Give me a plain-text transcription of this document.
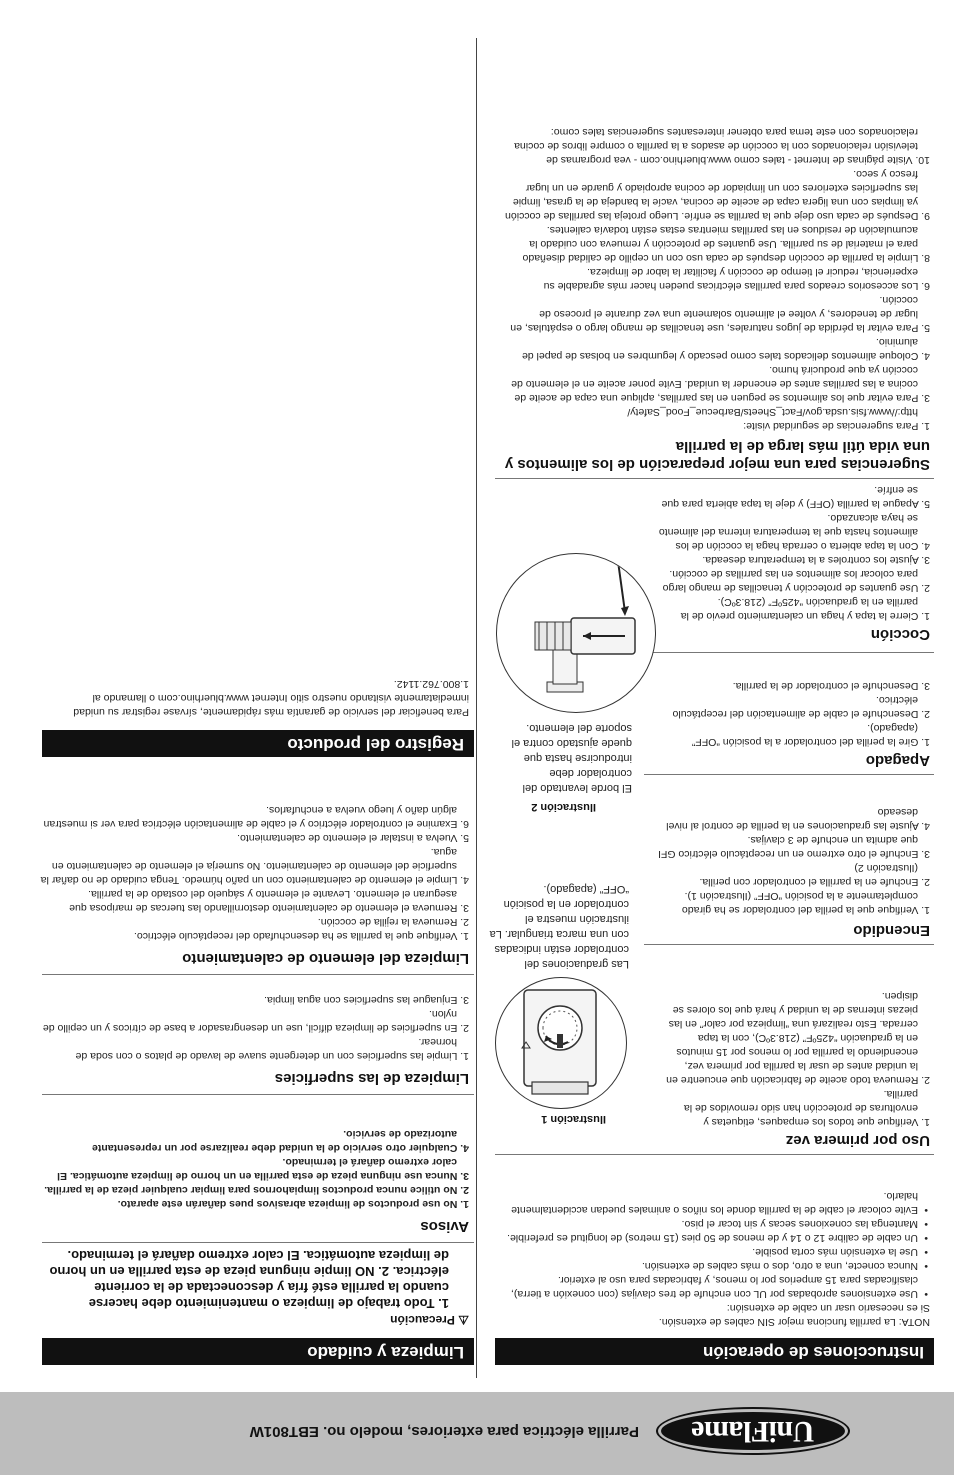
UniFlame
Parrilla eléctrica para exteriores, modelo no. EBT801W
Instrucciones de operación

NOTA: La parrilla funciona mejor SIN cables de extensión.

Si es necesario usar un cable de extensión:

• Use extensiones aprobadas por UL con enchufe de tres clavijas (con conexión a tierra), clasificadas para 15 amperios por lo menos, y fabricadas para uso al exterior.
• Nunca conecte, una a otro, dos o más cables de extensión.
• Use la extensión más corta posible.
• Un cable de calibre 12 o 14 y de menos de 50 pies (15 metros) de longitud es preferible.
• Mantenga las conexiones secas y sin tocar el piso.
• Evite colocar el cable de la parrilla donde los niños o animales puedan accidentalmente halarlo.
Uso por primera vez
1. Verifique que todos los empaques, etiquetas y envolturas de protección han sido removidos de la parrilla.
2. Remueva todo aceite de fabricación que encuentre en la unidad antes de usar la parrilla por primera vez, encendiendo la parrilla por lo menos por 15 minutos en la graduación “425ºF” (218.3ºC), con la tapa cerrada. Esto realizará una “limpieza por calor” en las piezas internas de la unidad y hará que los olores se disipen.
Ilustración 1
Las graduaciones del controlador están indicadas con una marca triangular. La ilustración muestra el controlador en la posición “OFF” (apagado).
Encendido
1. Verifique que la perilla del controlador se ha girado completamente a la posición “OFF” (Ilustración 1).
2. Enchufe en la parrilla el controlador con perilla. (Ilustración 2)
3. Enchufe el otro extremo en un receptáculo eléctrico GFI que admita un enchufe de 3 clavijas.
4. Ajuste las graduaciones en la perilla de control al nivel deseado
Ilustración 2
El borde levantado del controlador debe introducirse hasta que quede ajustado contra el soporte del elemento.
Apagado
1. Gire la perilla del controlador a la posición “OFF” (apagado).
2. Desenchufe el cable de alimentación del receptáculo eléctrico.
3. Desenchufe el controlador de la parrilla.
Cocción
1. Cierre la tapa y haga un calentamiento previo de la parrilla en la graduación “425ºF” (218.3ºC).
2. Use guantes de protección y tenacillas de mango largo para colocar los alimentos en las parrillas de cocción.
3. Ajuste los controles a la temperatura deseada.
4. Con la tapa abierta o cerrada haga la cocción de los alimentos hasta que la temperatura interna del alimento se haya alcanzado.
5. Apague la parrilla (OFF) y deje la tapa abierta para que se enfríe.
Sugerencias para una mejor preparación de los alimentos y
una vida útil más larga de la parrilla
1. Para sugerencias de seguridad visite: http://www.fsis.usda.gov/Fact_Sheets/Barbecue_Food_Safety/
3. Para evitar que los alimentos se peguen en las parrillas, aplique una capa de aceite de cocina a las parrillas antes de encender la unidad. Evite poner aceite en el elemento de cocción ya que producirá humo.
4. Coloque alimentos delicados tales como pescado y legumbres en bolsas de papel de aluminio.
5. Para evitar la pérdida de jugos naturales, use tenacillas de mango largo o espátulas, en lugar de tenedores, y voltee el alimento solamente una vez durante el proceso de cocción.
6. Los accesorios creados para parrillas eléctricas pueden hacer más agradable su experiencia, reducir el tiempo de cocción y facilitar la labor de limpieza.
8. Limpie la parrilla de cocción después de cada uso con un cepillo de calidad diseñado para el material de su parrilla. Use guantes de protección y remueva con cuidado la acumulación de residuos en las parrillas mientras estas están todavía calientes.
9. Después de cada uso deje que la parrilla se enfríe. Luego proteja las parrillas de cocción ya limpias con una ligera capa de aceite de cocina, vacíe la bandeja de la grasa, limpie las superficies exteriores con un limpiador de cocina apropiado y guarde en un lugar fresco y seco.
10. Visite páginas de Internet - tales como www.bluerhino.com - vea programas de televisión relacionados con la cocción de asados a la parrilla o compre libros de cocina relacionados con este tema para obtener interesantes sugerencias tales como:
Limpieza y cuidado
⚠ Precaución
1. Todo trabajo de limpieza o mantenimiento debe hacerse cuando la parrilla esté fría y desconectada de la corriente eléctrica. 2. NO limpie ninguna pieza de esta parrilla en un horno de limpieza automática. El calor extremo dañará el terminado.
Avisos
1. No use productos de limpieza abrasivos pues dañarán este aparato.
2. No utilice nunca productos limpiahornos para limpiar cualquier pieza de la parrilla.
3. Nunca use ninguna pieza de esta parrilla en un horno de limpieza automática. El calor extremo dañará el terminado.
4. Cualquier otro servicio de la unidad debe realizarse por un representante autorizado de servicio.
Limpieza de las superficies
1. Limpie las superficies con un detergente suave de lavado de platos o con soda de hornear.
2. En superficies de limpieza difícil, use un desengrasador a base de cítricos y un cepillo de nylon.
3. Enjuague las superficies con agua limpia.
Limpieza del elemento de calentamiento
1. Verifique que la parrilla se ha desenchufado del receptáculo eléctrico.
2. Remueva la rejilla de cocción.
3. Remueva el elemento de calentamiento destornillando las tuercas de mariposa que aseguran el elemento. Levante el elemento y sáquelo del costado de la parrilla.
4. Limpie el elemento de calentamiento con un paño húmedo. Tenga cuidado de no dañar la superficie del elemento de calentamiento. No sumerja el elemento de calentamiento en agua.
5. Vuelva a instalar el elemento de calentamiento.
6. Examine el controlador eléctrico y el cable de alimentación eléctrica para ver si muestran algún daño y luego vuelva a enchufarlos.
Registro del producto
Para beneficiar del servicio de garantía más rápidamente, sírvase registrar su unidad inmediatamente visitando nuestro sitio Internet www.bluerhino.com o llamando al 1.800.762.1142.
